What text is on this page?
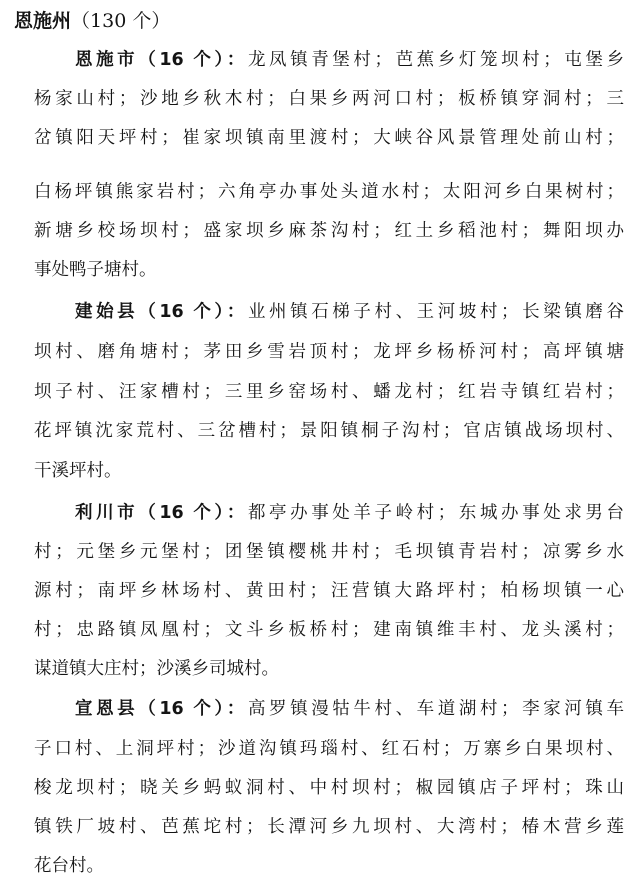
恩施州（130 个）
恩施市（16 个）：龙凤镇青堡村；芭蕉乡灯笼坝村；屯堡乡
杨家山村；沙地乡秋木村；白果乡两河口村；板桥镇穿洞村；三
岔镇阳天坪村；崔家坝镇南里渡村；大峡谷风景管理处前山村；
白杨坪镇熊家岩村；六角亭办事处头道水村；太阳河乡白果树村；
新塘乡校场坝村；盛家坝乡麻茶沟村；红土乡稻池村；舞阳坝办
事处鸭子塘村。
建始县（16 个）：业州镇石梯子村、王河坡村；长梁镇磨谷
坝村、磨角塘村；茅田乡雪岩顶村；龙坪乡杨桥河村；高坪镇塘
坝子村、汪家槽村；三里乡窑场村、蟠龙村；红岩寺镇红岩村；
花坪镇沈家荒村、三岔槽村；景阳镇桐子沟村；官店镇战场坝村、
干溪坪村。
利川市（16 个）：都亭办事处羊子岭村；东城办事处求男台
村；元堡乡元堡村；团堡镇樱桃井村；毛坝镇青岩村；凉雾乡水
源村；南坪乡林场村、黄田村；汪营镇大路坪村；柏杨坝镇一心
村；忠路镇凤凰村；文斗乡板桥村；建南镇维丰村、龙头溪村；
谋道镇大庄村；沙溪乡司城村。
宣恩县（16 个）：高罗镇漫牯牛村、车道湖村；李家河镇车
子口村、上洞坪村；沙道沟镇玛瑙村、红石村；万寨乡白果坝村、
梭龙坝村；晓关乡蚂蚁洞村、中村坝村；椒园镇店子坪村；珠山
镇铁厂坡村、芭蕉坨村；长潭河乡九坝村、大湾村；椿木营乡莲
花台村。
